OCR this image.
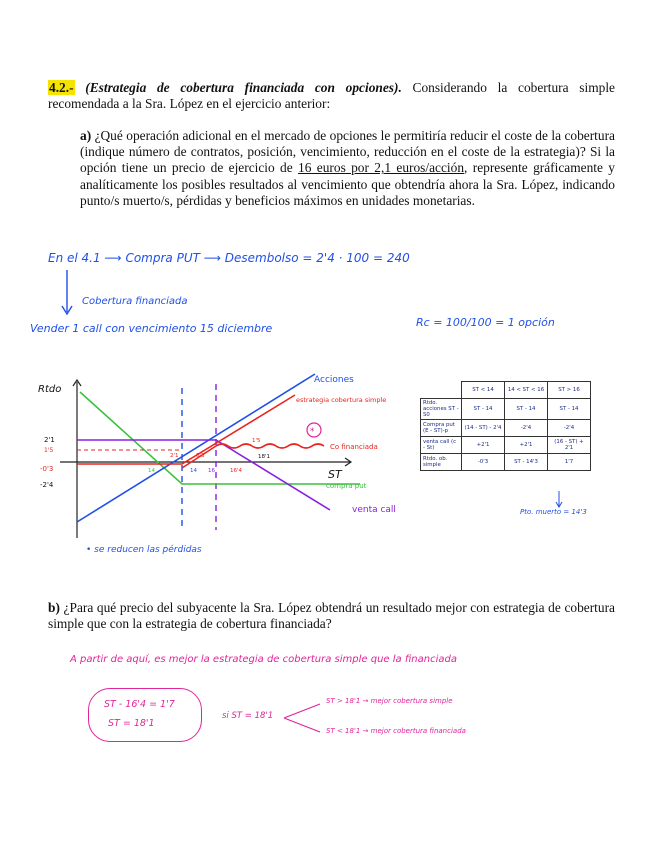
4.2.- (Estrategia de cobertura financiada con opciones). Considerando la cobertura simple recomendada a la Sra. López en el ejercicio anterior:
a) ¿Qué operación adicional en el mercado de opciones le permitiría reducir el coste de la cobertura (indique número de contratos, posición, vencimiento, reducción en el coste de la estrategia)? Si la opción tiene un precio de ejercicio de 16 euros por 2,1 euros/acción, represente gráficamente y analíticamente los posibles resultados al vencimiento que obtendría ahora la Sra. López, indicando punto/s muerto/s, pérdidas y beneficios máximos en unidades monetarias.
En el 4.1 ⟶ Compra PUT ⟶ Desembolso = 2'4 · 100 = 240
Cobertura financiada
Vender 1 call con vencimiento 15 diciembre	Rc = 100/100 = 1 opción
*
Rtdo
ST
2'1
1'5
-0'3
-2'4
14	14	16'4
16
18'1
2'1	0'3
1'5
Acciones
estrategia cobertura simple
Co financiada
compra put
venta call
• se reducen las pérdidas
	ST < 14	14 < ST < 16	ST > 16
Rtdo. acciones ST - S0	ST - 14	ST - 14	ST - 14
Compra put (E - ST)-p	(14 - ST) - 2'4	-2'4	-2'4
venta call (c - St)	+2'1	+2'1	(16 - ST) + 2'1
Rtdo. ob. simple	-0'3	ST - 14'3	1'7
Pto. muerto = 14'3
b) ¿Para qué precio del subyacente la Sra. López obtendrá un resultado mejor con estrategia de cobertura simple que con la estrategia de cobertura financiada?
A partir de aquí, es mejor la estrategia de cobertura simple que la financiada
ST - 16'4 = 1'7
ST = 18'1
si ST = 18'1
ST > 18'1 → mejor cobertura simple
ST < 18'1 → mejor cobertura financiada
